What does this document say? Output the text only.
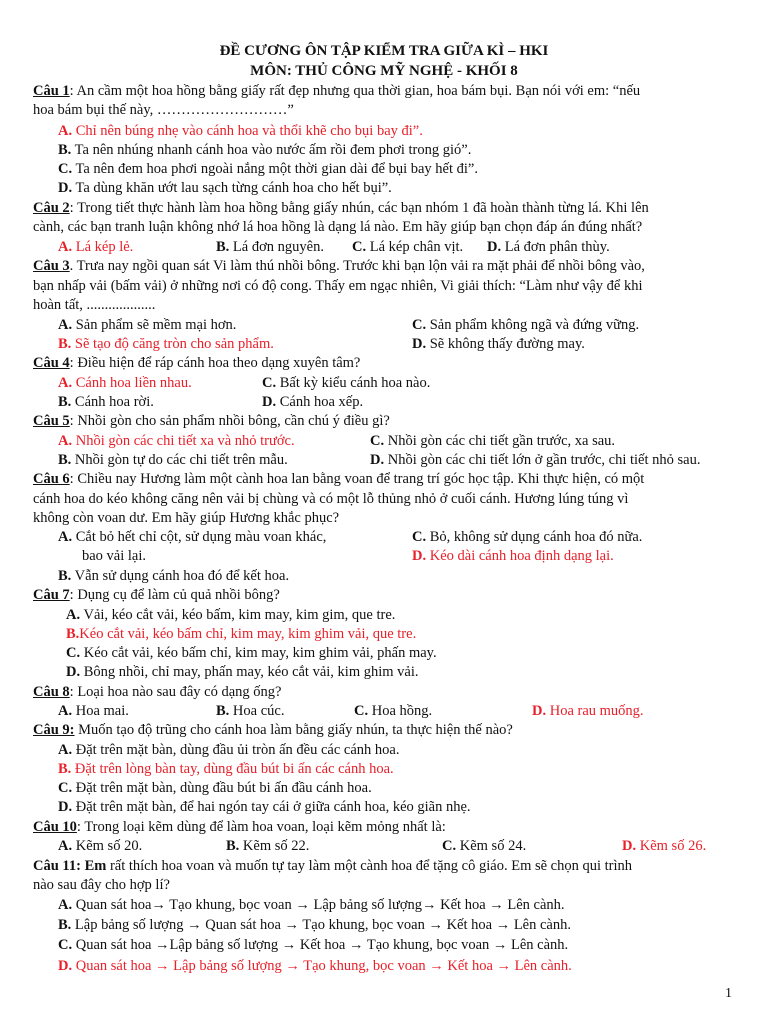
ĐỀ CƯƠNG ÔN TẬP KIỂM TRA GIỮA KÌ – HKI
MÔN: THỦ CÔNG MỸ NGHỆ - KHỐI 8
Câu 1: An cầm một hoa hồng bằng giấy rất đẹp nhưng qua thời gian, hoa bám bụi. Bạn nói với em: “nếu
hoa bám bụi thế này, ………………………”
A. Chỉ nên búng nhẹ vào cánh hoa và thổi khẽ cho bụi bay đi”.
B. Ta nên nhúng nhanh cánh hoa vào nước ấm rồi đem phơi trong gió”.
C. Ta nên đem hoa phơi ngoài nắng một thời gian dài để bụi bay hết đi”.
D. Ta dùng khăn ướt lau sạch từng cánh hoa cho hết bụi”.
Câu 2: Trong tiết thực hành làm hoa hồng bằng giấy nhún, các bạn nhóm 1 đã hoàn thành từng lá. Khi lên
cành, các bạn tranh luận không nhớ lá hoa hồng là dạng lá nào. Em hãy giúp bạn chọn đáp án đúng nhất?
A. Lá kép lẻ.	B. Lá đơn nguyên. C. Lá kép chân vịt. D. Lá đơn phân thùy.
Câu 3. Trưa nay ngồi quan sát Vi làm thú nhồi bông. Trước khi bạn lộn vải ra mặt phải để nhồi bông vào,
bạn nhấp vải (bấm vải) ở những nơi có độ cong. Thấy em ngạc nhiên, Vi giải thích: “Làm như vậy để khi
hoàn tất, ...................
A. Sản phẩm sẽ mềm mại hơn.	C. Sản phẩm không ngã và đứng vững.
B. Sẽ tạo độ căng tròn cho sản phẩm.	D. Sẽ không thấy đường may.
Câu 4: Điều hiện để ráp cánh hoa theo dạng xuyên tâm?
A. Cánh hoa liền nhau.	C. Bất kỳ kiểu cánh hoa nào.
B. Cánh hoa rời.	D. Cánh hoa xếp.
Câu 5: Nhồi gòn cho sản phẩm nhồi bông, cần chú ý điều gì?
A. Nhồi gòn các chi tiết xa và nhỏ trước.	C. Nhồi gòn các chi tiết gần trước, xa sau.
B. Nhồi gòn tự do các chi tiết trên mẫu.	D. Nhồi gòn các chi tiết lớn ở gần trước, chi tiết nhỏ sau.
Câu 6: Chiều nay Hương làm một cành hoa lan bằng voan để trang trí góc học tập. Khi thực hiện, có một
cánh hoa do kéo không căng nên vải bị chùng và có một lỗ thủng nhỏ ở cuối cánh. Hương lúng túng vì
không còn voan dư. Em hãy giúp Hương khắc phục?
A. Cắt bỏ hết chỉ cột, sử dụng màu voan khác,	C. Bỏ, không sử dụng cánh hoa đó nữa.
bao vải lại.	D. Kéo dài cánh hoa định dạng lại.
B. Vẫn sử dụng cánh hoa đó để kết hoa.
Câu 7: Dụng cụ để làm củ quả nhồi bông?
A. Vải, kéo cắt vải, kéo bấm, kim may, kim gim, que tre.
B.Kéo cắt vải, kéo bấm chỉ, kim may, kim ghim vải, que tre.
C. Kéo cắt vải, kéo bấm chỉ, kim may, kim ghim vải, phấn may.
D. Bông nhồi, chỉ may, phấn may, kéo cắt vải, kim ghim vải.
Câu 8: Loại hoa nào sau đây có dạng ống?
A. Hoa mai.	B. Hoa cúc.	C. Hoa hồng.	D. Hoa rau muống.
Câu 9: Muốn tạo độ trũng cho cánh hoa làm bằng giấy nhún, ta thực hiện thế nào?
A. Đặt trên mặt bàn, dùng đầu ủi tròn ấn đều các cánh hoa.
B. Đặt trên lòng bàn tay, dùng đầu bút bi ấn các cánh hoa.
C. Đặt trên mặt bàn, dùng đầu bút bi ấn đầu cánh hoa.
D. Đặt trên mặt bàn, để hai ngón tay cái ở giữa cánh hoa, kéo giãn nhẹ.
Câu 10: Trong loại kẽm dùng để làm hoa voan, loại kẽm mỏng nhất là:
A. Kẽm số 20.	B. Kẽm số 22.	C. Kẽm số 24.	D. Kẽm số 26.
Câu 11: Em rất thích hoa voan và muốn tự tay làm một cành hoa để tặng cô giáo. Em sẽ chọn qui trình
nào sau đây cho hợp lí?
A. Quan sát hoa→ Tạo khung, bọc voan → Lập bảng số lượng→ Kết hoa → Lên cành.
B. Lập bảng số lượng → Quan sát hoa → Tạo khung, bọc voan → Kết hoa → Lên cành.
C. Quan sát hoa →Lập bảng số lượng → Kết hoa → Tạo khung, bọc voan → Lên cành.
D. Quan sát hoa → Lập bảng số lượng → Tạo khung, bọc voan → Kết hoa → Lên cành.
1
